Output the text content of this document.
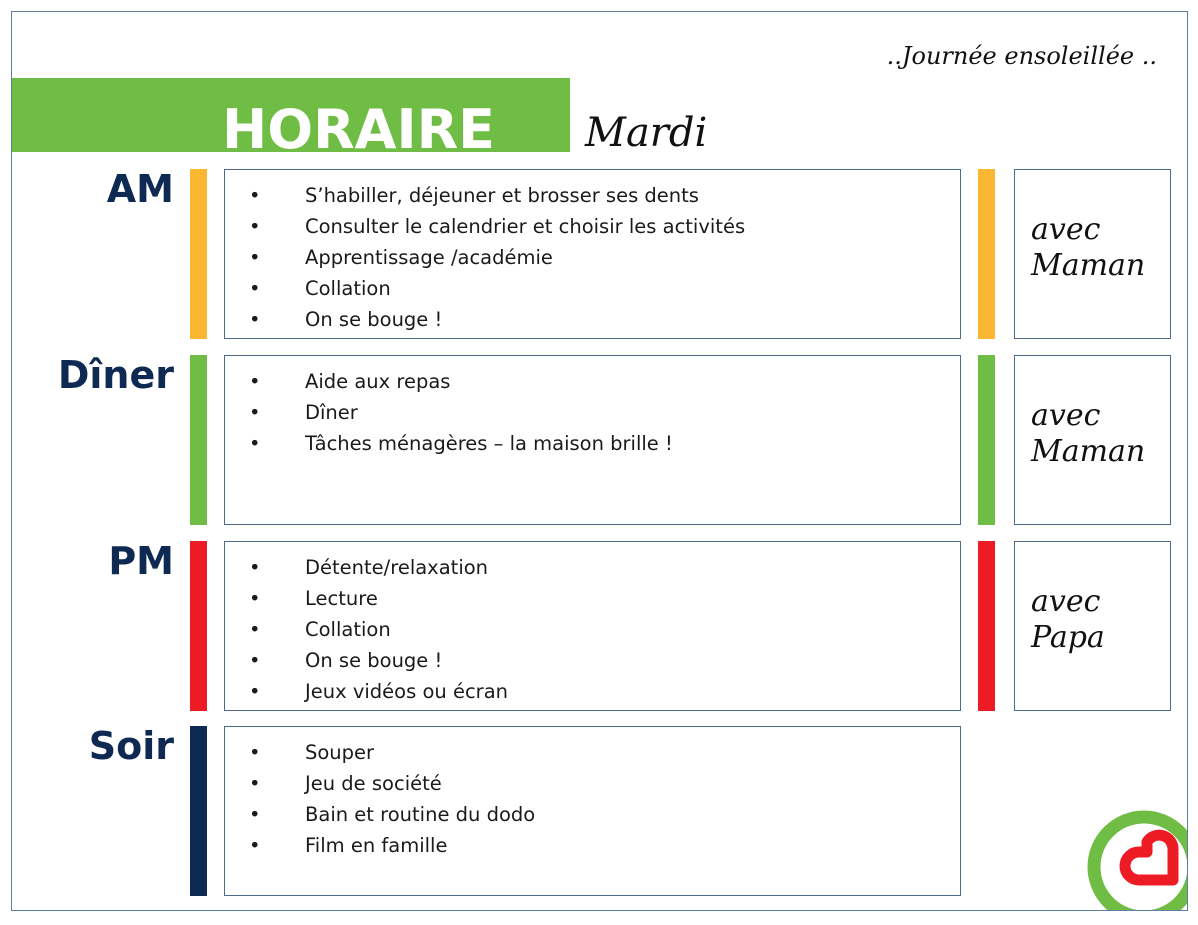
..Journée ensoleillée ..
HORAIRE Mardi
AM	• S’habiller, déjeuner et brosser ses dents
• Consulter le calendrier et choisir les activités
• Apprentissage /académie
• Collation
• On se bouge !
avec
Maman
Dîner	• Aide aux repas
• Dîner
• Tâches ménagères – la maison brille !
avec
Maman
PM	• Détente/relaxation
• Lecture
• Collation
• On se bouge !
• Jeux vidéos ou écran
avec
Papa
Soir	• Souper
• Jeu de société
• Bain et routine du dodo
• Film en famille
